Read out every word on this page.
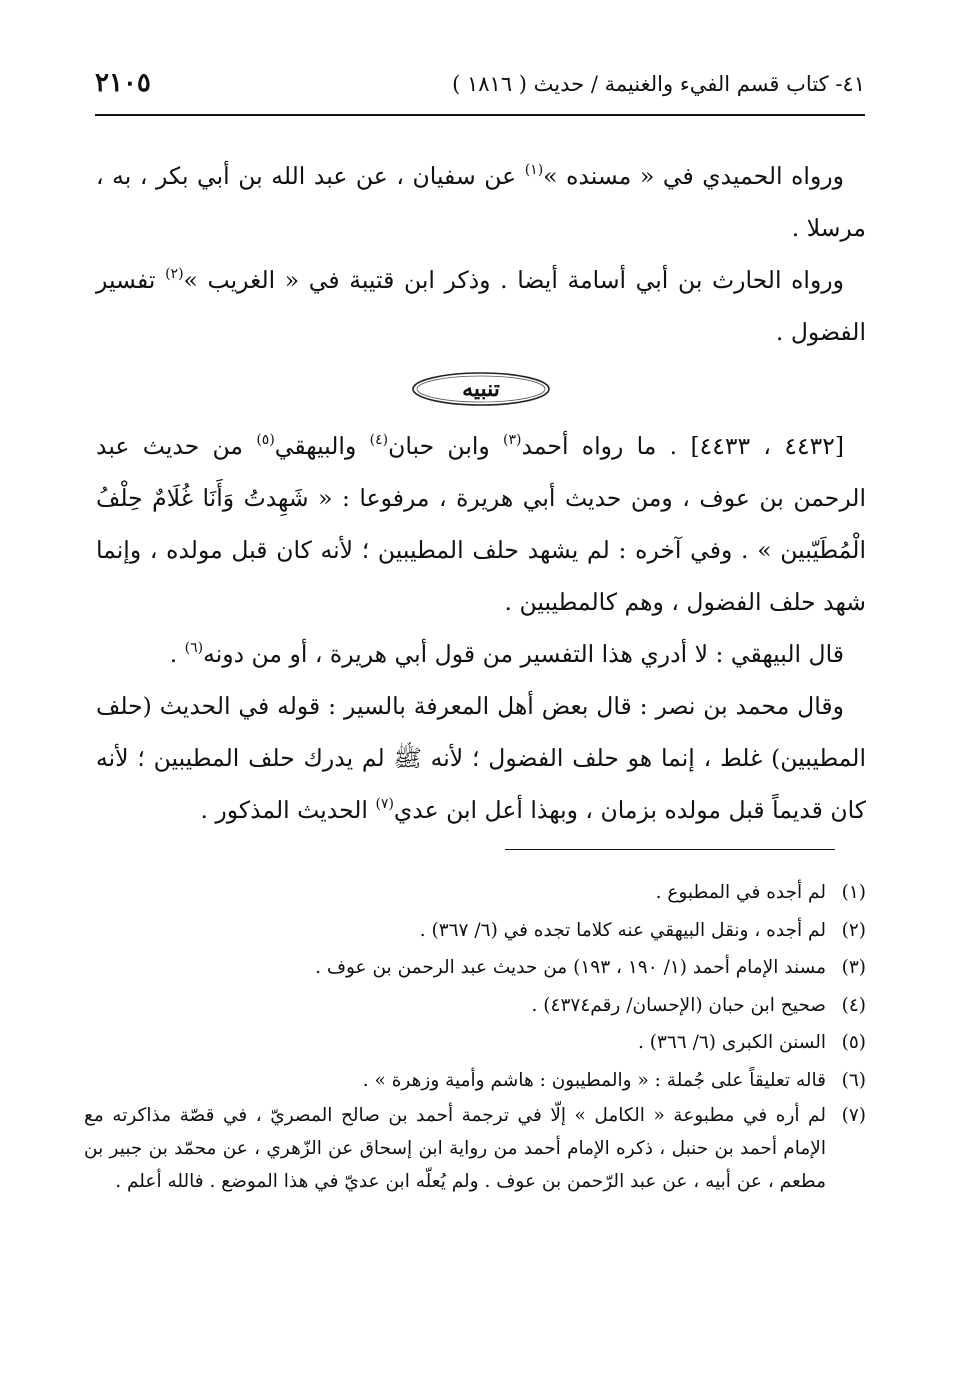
٤١- كتاب قسم الفيء والغنيمة / حديث ( ١٨١٦ )
٢١٠٥

ورواه الحميدي في « مسنده »$^{(١)}$ عن سفيان ، عن عبد الله بن أبي بكر ، به ، مرسلا .

ورواه الحارث بن أبي أسامة أيضا . وذكر ابن قتيبة في « الغريب »$^{(٢)}$ تفسير الفضول .

تنبيه

[٤٤٣٢ ، ٤٤٣٣] . ما رواه أحمد$^{(٣)}$ وابن حبان$^{(٤)}$ والبيهقي$^{(٥)}$ من حديث عبد الرحمن بن عوف ، ومن حديث أبي هريرة ، مرفوعا : « شَهِدتُ وَأَنَا غُلَامٌ حِلْفُ الْمُطَيّبين » . وفي آخره : لم يشهد حلف المطيبين ؛ لأنه كان قبل مولده ، وإنما شهد حلف الفضول ، وهم كالمطيبين .

قال البيهقي : لا أدري هذا التفسير من قول أبي هريرة ، أو من دونه$^{(٦)}$ .

وقال محمد بن نصر : قال بعض أهل المعرفة بالسير : قوله في الحديث (حلف المطيبين) غلط ، إنما هو حلف الفضول ؛ لأنه ﷺ لم يدرك حلف المطيبين ؛ لأنه كان قديماً قبل مولده بزمان ، وبهذا أعل ابن عدي$^{(٧)}$ الحديث المذكور .

(١)
لم أجده في المطبوع .
(٢)
لم أجده ، ونقل البيهقي عنه كلاما تجده في (٦/ ٣٦٧) .
(٣)
مسند الإمام أحمد (١/ ١٩٠ ، ١٩٣) من حديث عبد الرحمن بن عوف .
(٤)
صحيح ابن حبان (الإحسان/ رقم٤٣٧٤) .
(٥)
السنن الكبرى (٦/ ٣٦٦) .
(٦)
قاله تعليقاً على جُملة : « والمطيبون : هاشم وأمية وزهرة » .
(٧)
لم أره في مطبوعة « الكامل » إلّا في ترجمة أحمد بن صالح المصريّ ، في قصّة مذاكرته مع الإمام أحمد بن حنبل ، ذكره الإمام أحمد من رواية ابن إسحاق عن الزّهري ، عن محمّد بن جبير بن مطعم ، عن أبيه ، عن عبد الرّحمن بن عوف . ولم يُعلّه ابن عديّ في هذا الموضع . فالله أعلم .
